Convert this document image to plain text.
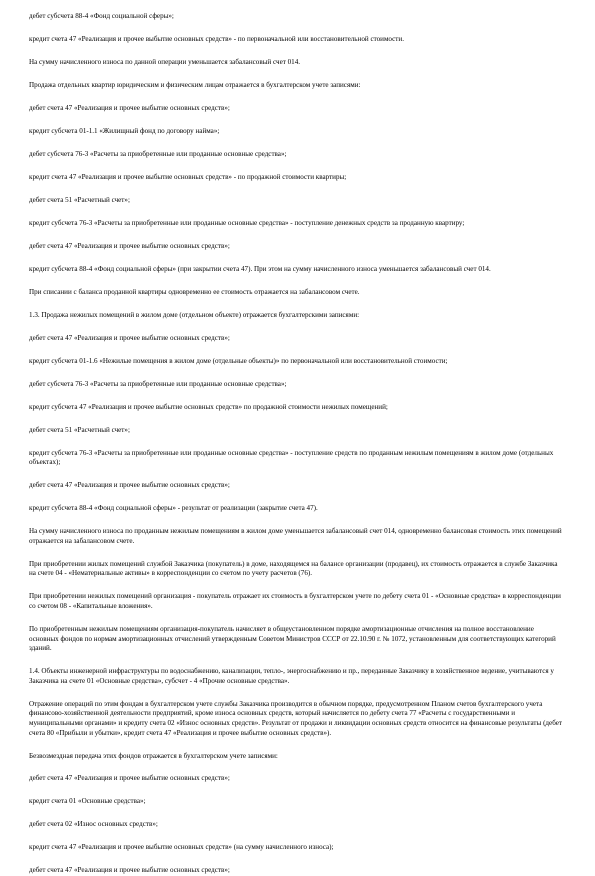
дебет субсчета 88-4 «Фонд социальной сферы»;

кредит счета 47 «Реализация и прочее выбытие основных средств» - по первоначальной или восстановительной стоимости.

На сумму начисленного износа по данной операции уменьшается забалансовый счет 014.

Продажа отдельных квартир юридическим и физическим лицам отражается в бухгалтерском учете записями:

дебет счета 47 «Реализация и прочее выбытие основных средств»;

кредит субсчета 01-1.1 «Жилищный фонд по договору найма»;

дебет субсчета 76-3 «Расчеты за приобретенные или проданные основные средства»;

кредит счета 47 «Реализация и прочее выбытие основных средств» - по продажной стоимости квартиры;

дебет счета 51 «Расчетный счет»;

кредит субсчета 76-3 «Расчеты за приобретенные или проданные основные средства» - поступление денежных средств за проданную квартиру;

дебет счета 47 «Реализация и прочее выбытие основных средств»;

кредит субсчета 88-4 «Фонд социальной сферы» (при закрытии счета 47). При этом на сумму начисленного износа уменьшается забалансовый счет 014.

При списании с баланса проданной квартиры одновременно ее стоимость отражается на забалансовом счете.

1.3. Продажа нежилых помещений в жилом доме (отдельном объекте) отражается бухгалтерскими записями:

дебет счета 47 «Реализация и прочее выбытие основных средств»;

кредит субсчета 01-1.6 «Нежилые помещения в жилом доме (отдельные объекты)» по первоначальной или восстановительной стоимости;

дебет субсчета 76-3 «Расчеты за приобретенные или проданные основные средства»;

кредит субсчета 47 «Реализация и прочее выбытие основных средств» по продажной стоимости нежилых помещений;

дебет счета 51 «Расчетный счет»;

кредит субсчета 76-3 «Расчеты за приобретенные или проданные основные средства» - поступление средств по проданным нежилым помещениям в жилом доме (отдельных объектах);

дебет счета 47 «Реализация и прочее выбытие основных средств»;

кредит субсчета 88-4 «Фонд социальной сферы» - результат от реализации (закрытие счета 47).

На сумму начисленного износа по проданным нежилым помещениям в жилом доме уменьшается забалансовый счет 014, одновременно балансовая стоимость этих помещений отражается на забалансовом счете.

При приобретении жилых помещений службой Заказчика (покупатель) в доме, находящемся на балансе организации (продавец), их стоимость отражается в службе Заказчика на счете 04 - «Нематериальные активы» в корреспонденции со счетом по учету расчетов (76).

При приобретении нежилых помещений организация - покупатель отражает их стоимость в бухгалтерском учете по дебету счета 01 - «Основные средства» в корреспонденции со счетом 08 - «Капитальные вложения».

По приобретенным нежилым помещениям организация-покупатель начисляет в общеустановленном порядке амортизационные отчисления на полное восстановление основных фондов по нормам амортизационных отчислений утвержденным Советом Министров СССР от 22.10.90 г. № 1072, установленным для соответствующих категорий зданий.

1.4. Объекты инженерной инфраструктуры по водоснабжению, канализации, тепло-, энергоснабжению и пр., переданные Заказчику в хозяйственное ведение, учитываются у Заказчика на счете 01 «Основные средства», субсчет - 4 «Прочие основные средства».

Отражение операций по этим фондам в бухгалтерском учете службы Заказчика производится в обычном порядке, предусмотренном Планом счетов бухгалтерского учета финансово-хозяйственной деятельности предприятий, кроме износа основных средств, который начисляется по дебету счета 77 «Расчеты с государственными и муниципальными органами» и кредиту счета 02 «Износ основных средств». Результат от продажи и ликвидации основных средств относится на финансовые результаты (дебет счета 80 «Прибыли и убытки», кредит счета 47 «Реализация и прочее выбытие основных средств»).

Безвозмездная передача этих фондов отражается в бухгалтерском учете записями:

дебет счета 47 «Реализация и прочее выбытие основных средств»;

кредит счета 01 «Основные средства»;

дебет счета 02 «Износ основных средств»;

кредит счета 47 «Реализация и прочее выбытие основных средств» (на сумму начисленного износа);

дебет счета 47 «Реализация и прочее выбытие основных средств»;
